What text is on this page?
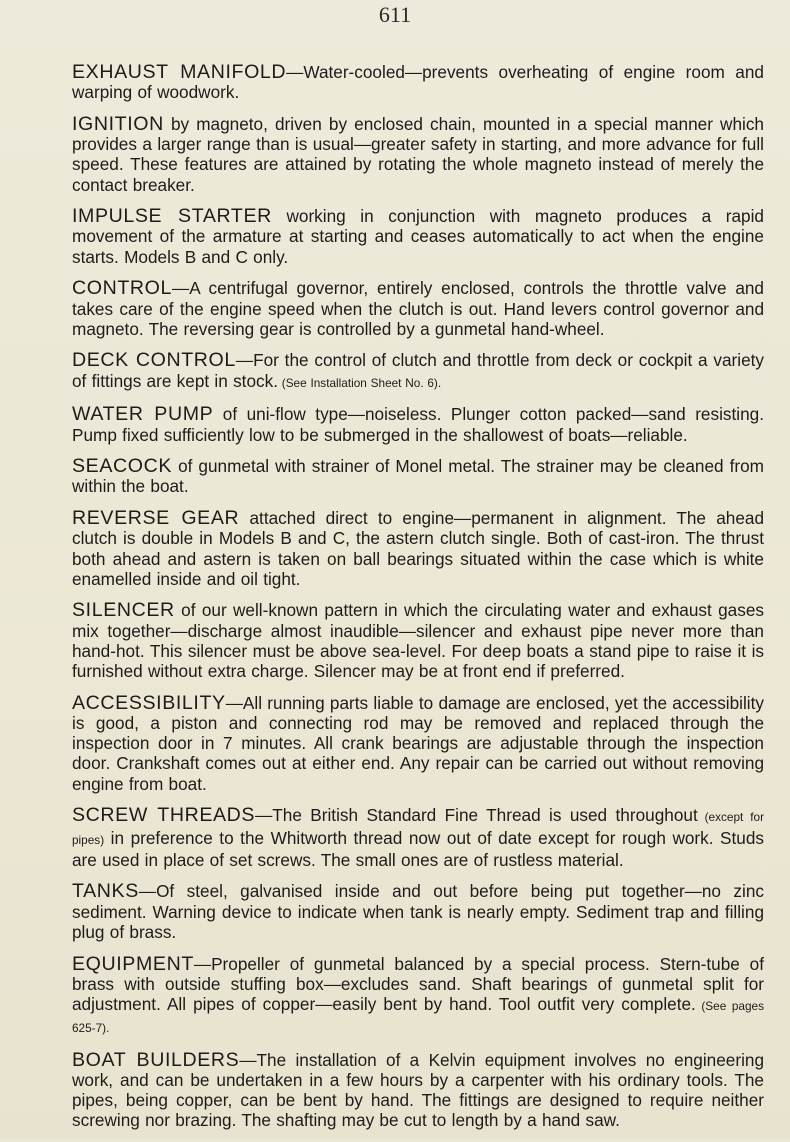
611

EXHAUST MANIFOLD—Water-cooled—prevents overheating of engine room and warping of woodwork.

IGNITION by magneto, driven by enclosed chain, mounted in a special manner which provides a larger range than is usual—greater safety in starting, and more advance for full speed. These features are attained by rotating the whole magneto instead of merely the contact breaker.

IMPULSE STARTER working in conjunction with magneto produces a rapid movement of the armature at starting and ceases automatically to act when the engine starts. Models B and C only.

CONTROL—A centrifugal governor, entirely enclosed, controls the throttle valve and takes care of the engine speed when the clutch is out. Hand levers control governor and magneto. The reversing gear is controlled by a gunmetal hand-wheel.

DECK CONTROL—For the control of clutch and throttle from deck or cockpit a variety of fittings are kept in stock. (See Installation Sheet No. 6).

WATER PUMP of uni-flow type—noiseless. Plunger cotton packed—sand resisting. Pump fixed sufficiently low to be submerged in the shallowest of boats—reliable.

SEACOCK of gunmetal with strainer of Monel metal. The strainer may be cleaned from within the boat.

REVERSE GEAR attached direct to engine—permanent in alignment. The ahead clutch is double in Models B and C, the astern clutch single. Both of cast-iron. The thrust both ahead and astern is taken on ball bearings situated within the case which is white enamelled inside and oil tight.

SILENCER of our well-known pattern in which the circulating water and exhaust gases mix together—discharge almost inaudible—silencer and exhaust pipe never more than hand-hot. This silencer must be above sea-level. For deep boats a stand pipe to raise it is furnished without extra charge. Silencer may be at front end if preferred.

ACCESSIBILITY—All running parts liable to damage are enclosed, yet the accessibility is good, a piston and connecting rod may be removed and replaced through the inspection door in 7 minutes. All crank bearings are adjustable through the inspection door. Crankshaft comes out at either end. Any repair can be carried out without removing engine from boat.

SCREW THREADS—The British Standard Fine Thread is used throughout (except for pipes) in preference to the Whitworth thread now out of date except for rough work. Studs are used in place of set screws. The small ones are of rustless material.

TANKS—Of steel, galvanised inside and out before being put together—no zinc sediment. Warning device to indicate when tank is nearly empty. Sediment trap and filling plug of brass.

EQUIPMENT—Propeller of gunmetal balanced by a special process. Stern-tube of brass with outside stuffing box—excludes sand. Shaft bearings of gunmetal split for adjustment. All pipes of copper—easily bent by hand. Tool outfit very complete. (See pages 625-7).

BOAT BUILDERS—The installation of a Kelvin equipment involves no engineering work, and can be undertaken in a few hours by a carpenter with his ordinary tools. The pipes, being copper, can be bent by hand. The fittings are designed to require neither screwing nor brazing. The shafting may be cut to length by a hand saw.
